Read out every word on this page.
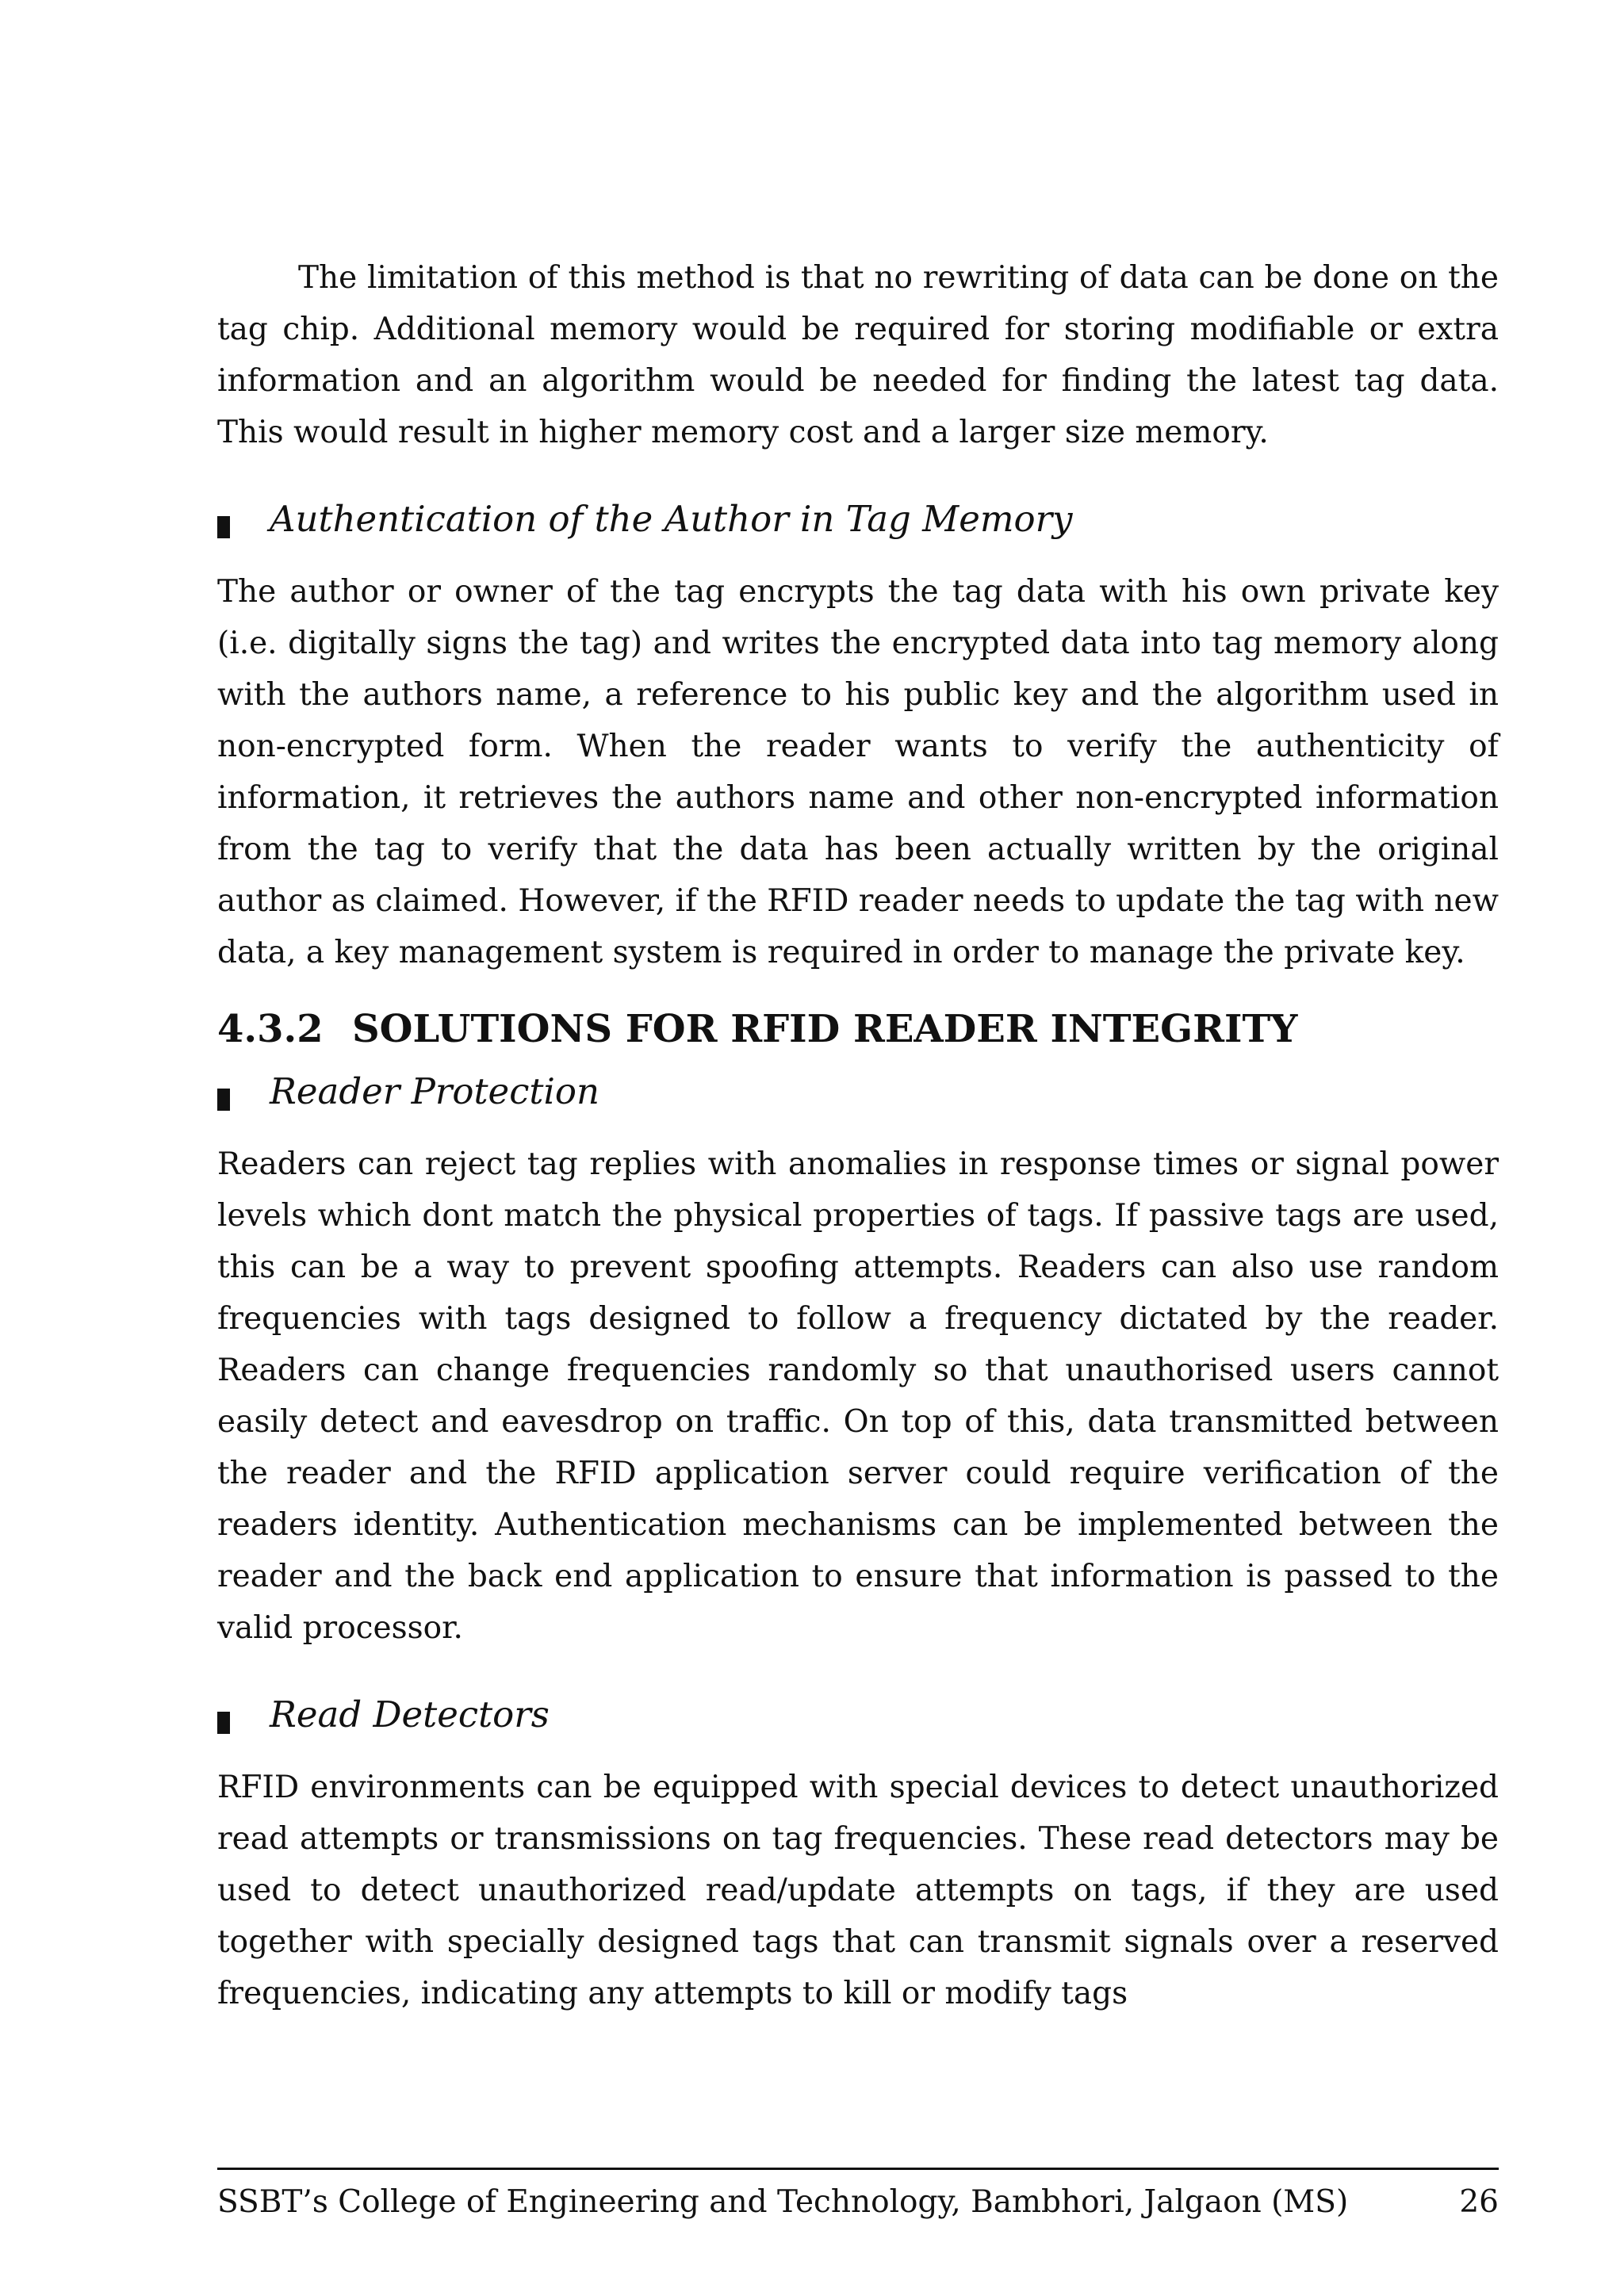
The limitation of this method is that no rewriting of data can be done on the tag chip. Additional memory would be required for storing modifiable or extra information and an algorithm would be needed for finding the latest tag data. This would result in higher memory cost and a larger size memory.

Authentication of the Author in Tag Memory

The author or owner of the tag encrypts the tag data with his own private key (i.e. digitally signs the tag) and writes the encrypted data into tag memory along with the authors name, a reference to his public key and the algorithm used in non-encrypted form. When the reader wants to verify the authenticity of information, it retrieves the authors name and other non-encrypted information from the tag to verify that the data has been actually written by the original author as claimed. However, if the RFID reader needs to update the tag with new data, a key management system is required in order to manage the private key.

4.3.2 SOLUTIONS FOR RFID READER INTEGRITY
Reader Protection

Readers can reject tag replies with anomalies in response times or signal power levels which dont match the physical properties of tags. If passive tags are used, this can be a way to prevent spoofing attempts. Readers can also use random frequencies with tags designed to follow a frequency dictated by the reader. Readers can change frequencies randomly so that unauthorised users cannot easily detect and eavesdrop on traffic. On top of this, data transmitted between the reader and the RFID application server could require verification of the readers identity. Authentication mechanisms can be implemented between the reader and the back end application to ensure that information is passed to the valid processor.

Read Detectors

RFID environments can be equipped with special devices to detect unauthorized read attempts or transmissions on tag frequencies. These read detectors may be used to detect unauthorized read/update attempts on tags, if they are used together with specially designed tags that can transmit signals over a reserved frequencies, indicating any attempts to kill or modify tags

SSBT’s College of Engineering and Technology, Bambhori, Jalgaon (MS)	26
